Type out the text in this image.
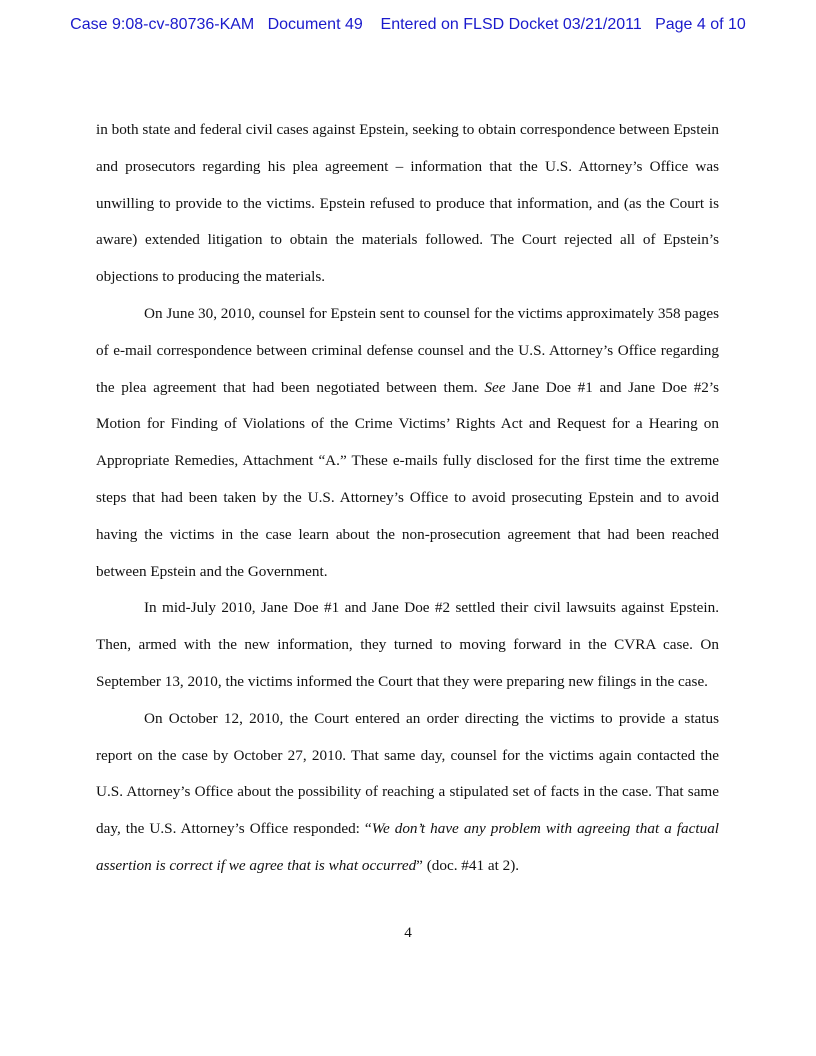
Case 9:08-cv-80736-KAM   Document 49    Entered on FLSD Docket 03/21/2011   Page 4 of 10

in both state and federal civil cases against Epstein, seeking to obtain correspondence between Epstein and prosecutors regarding his plea agreement – information that the U.S. Attorney’s Office was unwilling to provide to the victims. Epstein refused to produce that information, and (as the Court is aware) extended litigation to obtain the materials followed. The Court rejected all of Epstein’s objections to producing the materials.

On June 30, 2010, counsel for Epstein sent to counsel for the victims approximately 358 pages of e-mail correspondence between criminal defense counsel and the U.S. Attorney’s Office regarding the plea agreement that had been negotiated between them. See Jane Doe #1 and Jane Doe #2’s Motion for Finding of Violations of the Crime Victims’ Rights Act and Request for a Hearing on Appropriate Remedies, Attachment “A.” These e-mails fully disclosed for the first time the extreme steps that had been taken by the U.S. Attorney’s Office to avoid prosecuting Epstein and to avoid having the victims in the case learn about the non-prosecution agreement that had been reached between Epstein and the Government.

In mid-July 2010, Jane Doe #1 and Jane Doe #2 settled their civil lawsuits against Epstein. Then, armed with the new information, they turned to moving forward in the CVRA case. On September 13, 2010, the victims informed the Court that they were preparing new filings in the case.

On October 12, 2010, the Court entered an order directing the victims to provide a status report on the case by October 27, 2010. That same day, counsel for the victims again contacted the U.S. Attorney’s Office about the possibility of reaching a stipulated set of facts in the case. That same day, the U.S. Attorney’s Office responded: “We don’t have any problem with agreeing that a factual assertion is correct if we agree that is what occurred” (doc. #41 at 2).

4
